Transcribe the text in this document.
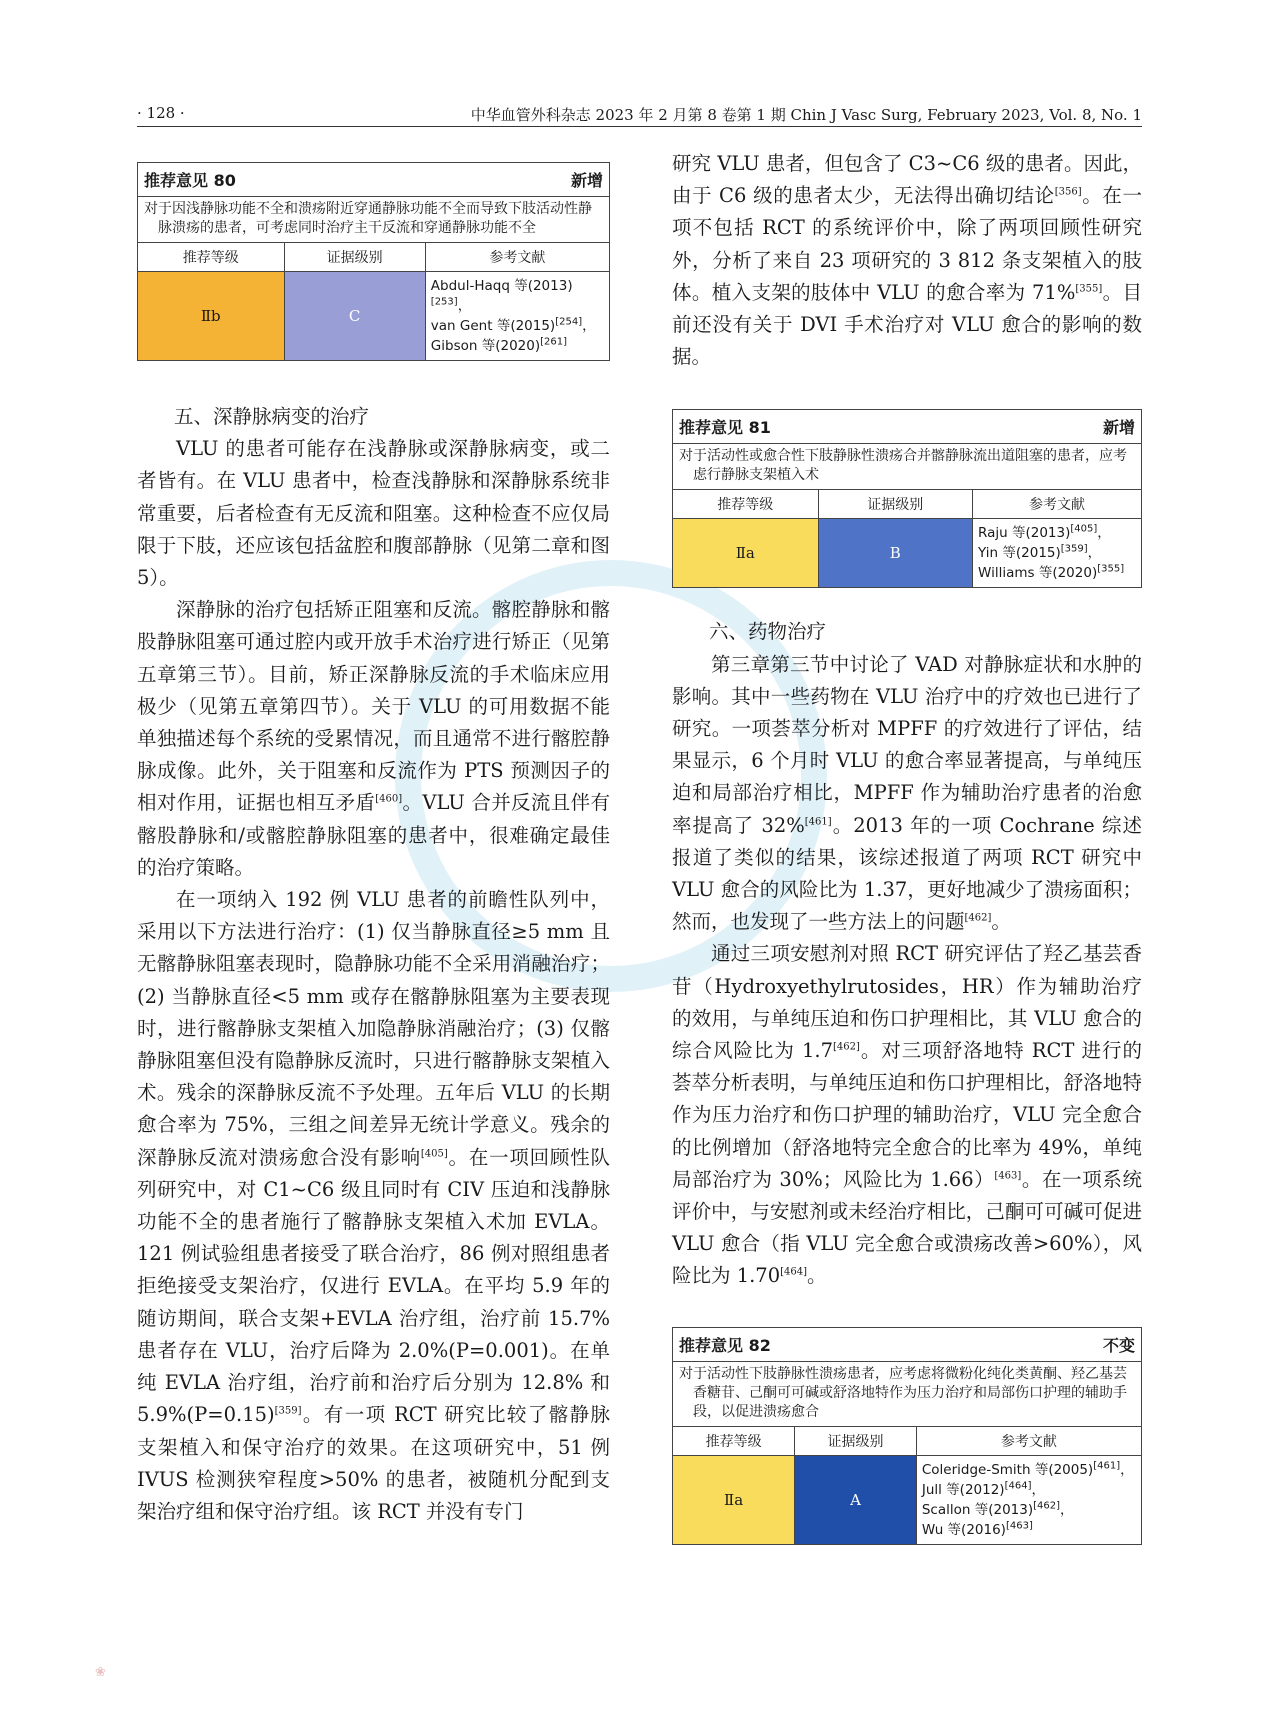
· 128 ·	中华血管外科杂志 2023 年 2 月第 8 卷第 1 期 Chin J Vasc Surg, February 2023, Vol. 8, No. 1
推荐意见 80	新增
对于因浅静脉功能不全和溃疡附近穿通静脉功能不全而导致下肢活动性静脉溃疡的患者，可考虑同时治疗主干反流和穿通静脉功能不全
推荐等级	证据级别	参考文献
Ⅱb	C	Abdul-Haqq 等(2013)[253]，
van Gent 等(2015)[254]，
Gibson 等(2020)[261]
五、深静脉病变的治疗

VLU 的患者可能存在浅静脉或深静脉病变，或二者皆有。在 VLU 患者中，检查浅静脉和深静脉系统非常重要，后者检查有无反流和阻塞。这种检查不应仅局限于下肢，还应该包括盆腔和腹部静脉（见第二章和图 5）。

深静脉的治疗包括矫正阻塞和反流。髂腔静脉和髂股静脉阻塞可通过腔内或开放手术治疗进行矫正（见第五章第三节）。目前，矫正深静脉反流的手术临床应用极少（见第五章第四节）。关于 VLU 的可用数据不能单独描述每个系统的受累情况，而且通常不进行髂腔静脉成像。此外，关于阻塞和反流作为 PTS 预测因子的相对作用，证据也相互矛盾[460]。VLU 合并反流且伴有髂股静脉和/或髂腔静脉阻塞的患者中，很难确定最佳的治疗策略。

在一项纳入 192 例 VLU 患者的前瞻性队列中，采用以下方法进行治疗：(1) 仅当静脉直径≥5 mm 且无髂静脉阻塞表现时，隐静脉功能不全采用消融治疗；(2) 当静脉直径<5 mm 或存在髂静脉阻塞为主要表现时，进行髂静脉支架植入加隐静脉消融治疗；(3) 仅髂静脉阻塞但没有隐静脉反流时，只进行髂静脉支架植入术。残余的深静脉反流不予处理。五年后 VLU 的长期愈合率为 75%，三组之间差异无统计学意义。残余的深静脉反流对溃疡愈合没有影响[405]。在一项回顾性队列研究中，对 C1~C6 级且同时有 CIV 压迫和浅静脉功能不全的患者施行了髂静脉支架植入术加 EVLA。121 例试验组患者接受了联合治疗，86 例对照组患者拒绝接受支架治疗，仅进行 EVLA。在平均 5.9 年的随访期间，联合支架+EVLA 治疗组，治疗前 15.7% 患者存在 VLU，治疗后降为 2.0%(P=0.001)。在单纯 EVLA 治疗组，治疗前和治疗后分别为 12.8% 和 5.9%(P=0.15)[359]。有一项 RCT 研究比较了髂静脉支架植入和保守治疗的效果。在这项研究中，51 例 IVUS 检测狭窄程度>50% 的患者，被随机分配到支架治疗组和保守治疗组。该 RCT 并没有专门

研究 VLU 患者，但包含了 C3~C6 级的患者。因此，由于 C6 级的患者太少，无法得出确切结论[356]。在一项不包括 RCT 的系统评价中，除了两项回顾性研究外，分析了来自 23 项研究的 3 812 条支架植入的肢体。植入支架的肢体中 VLU 的愈合率为 71%[355]。目前还没有关于 DVI 手术治疗对 VLU 愈合的影响的数据。

推荐意见 81	新增
对于活动性或愈合性下肢静脉性溃疡合并髂静脉流出道阻塞的患者，应考虑行静脉支架植入术
推荐等级	证据级别	参考文献
Ⅱa	B	Raju 等(2013)[405]，
Yin 等(2015)[359]，
Williams 等(2020)[355]
六、药物治疗

第三章第三节中讨论了 VAD 对静脉症状和水肿的影响。其中一些药物在 VLU 治疗中的疗效也已进行了研究。一项荟萃分析对 MPFF 的疗效进行了评估，结果显示，6 个月时 VLU 的愈合率显著提高，与单纯压迫和局部治疗相比，MPFF 作为辅助治疗患者的治愈率提高了 32%[461]。2013 年的一项 Cochrane 综述报道了类似的结果，该综述报道了两项 RCT 研究中 VLU 愈合的风险比为 1.37，更好地减少了溃疡面积；然而，也发现了一些方法上的问题[462]。

通过三项安慰剂对照 RCT 研究评估了羟乙基芸香苷（Hydroxyethylrutosides，HR）作为辅助治疗的效用，与单纯压迫和伤口护理相比，其 VLU 愈合的综合风险比为 1.7[462]。对三项舒洛地特 RCT 进行的荟萃分析表明，与单纯压迫和伤口护理相比，舒洛地特作为压力治疗和伤口护理的辅助治疗，VLU 完全愈合的比例增加（舒洛地特完全愈合的比率为 49%，单纯局部治疗为 30%；风险比为 1.66）[463]。在一项系统评价中，与安慰剂或未经治疗相比，己酮可可碱可促进 VLU 愈合（指 VLU 完全愈合或溃疡改善>60%），风险比为 1.70[464]。

推荐意见 82	不变
对于活动性下肢静脉性溃疡患者，应考虑将微粉化纯化类黄酮、羟乙基芸香糖苷、己酮可可碱或舒洛地特作为压力治疗和局部伤口护理的辅助手段，以促进溃疡愈合
推荐等级	证据级别	参考文献
Ⅱa	A	Coleridge-Smith 等(2005)[461]，
Jull 等(2012)[464]，
Scallon 等(2013)[462]，
Wu 等(2016)[463]
❀
